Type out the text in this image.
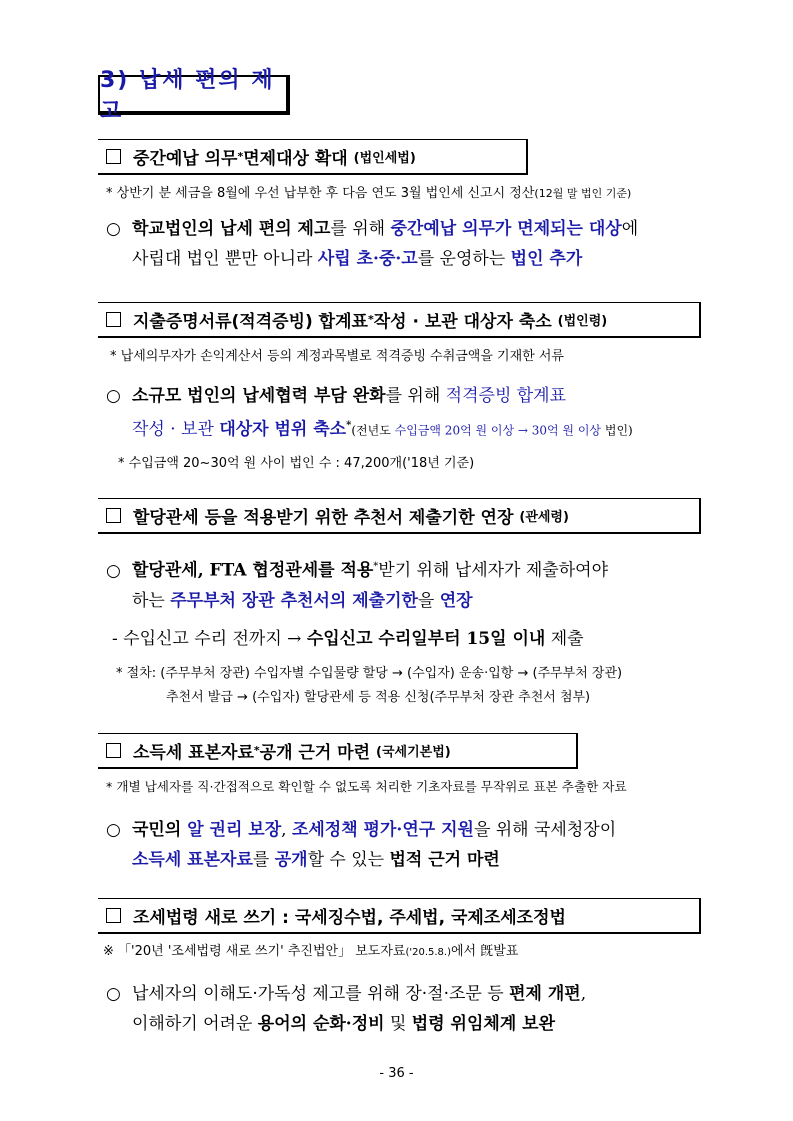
3) 납세 편의 제고
중간예납 의무 * 면제대상 확대 (법인세법)
* 상반기 분 세금을 8월에 우선 납부한 후 다음 연도 3월 법인세 신고시 정산(12월 말 법인 기준)
○ 학교법인의 납세 편의 제고를 위해 중간예납 의무가 면제되는 대상에
사립대 법인 뿐만 아니라 사립 초·중·고를 운영하는 법인 추가
지출증명서류(적격증빙) 합계표 * 작성 · 보관 대상자 축소 (법인령)
* 납세의무자가 손익계산서 등의 계정과목별로 적격증빙 수취금액을 기재한 서류
○ 소규모 법인의 납세협력 부담 완화를 위해 적격증빙 합계표
작성 · 보관 대상자 범위 축소*(전년도 수입금액 20억 원 이상 → 30억 원 이상 법인)
* 수입금액 20~30억 원 사이 법인 수 : 47,200개('18년 기준)
할당관세 등을 적용받기 위한 추천서 제출기한 연장 (관세령)
○ 할당관세, FTA 협정관세를 적용*받기 위해 납세자가 제출하여야
하는 주무부처 장관 추천서의 제출기한을 연장
- 수입신고 수리 전까지 → 수입신고 수리일부터 15일 이내 제출
* 절차: (주무부처 장관) 수입자별 수입물량 할당 → (수입자) 운송·입항 → (주무부처 장관)
추천서 발급 → (수입자) 할당관세 등 적용 신청(주무부처 장관 추천서 첨부)
소득세 표본자료 * 공개 근거 마련 (국세기본법)
* 개별 납세자를 직·간접적으로 확인할 수 없도록 처리한 기초자료를 무작위로 표본 추출한 자료
○ 국민의 알 권리 보장, 조세정책 평가·연구 지원을 위해 국세청장이
소득세 표본자료를 공개할 수 있는 법적 근거 마련
조세법령 새로 쓰기 : 국세징수법, 주세법, 국제조세조정법
※ 「'20년 '조세법령 새로 쓰기' 추진법안」 보도자료('20.5.8.)에서 旣발표
○ 납세자의 이해도·가독성 제고를 위해 장·절·조문 등 편제 개편,
이해하기 어려운 용어의 순화·정비 및 법령 위임체계 보완
- 36 -
